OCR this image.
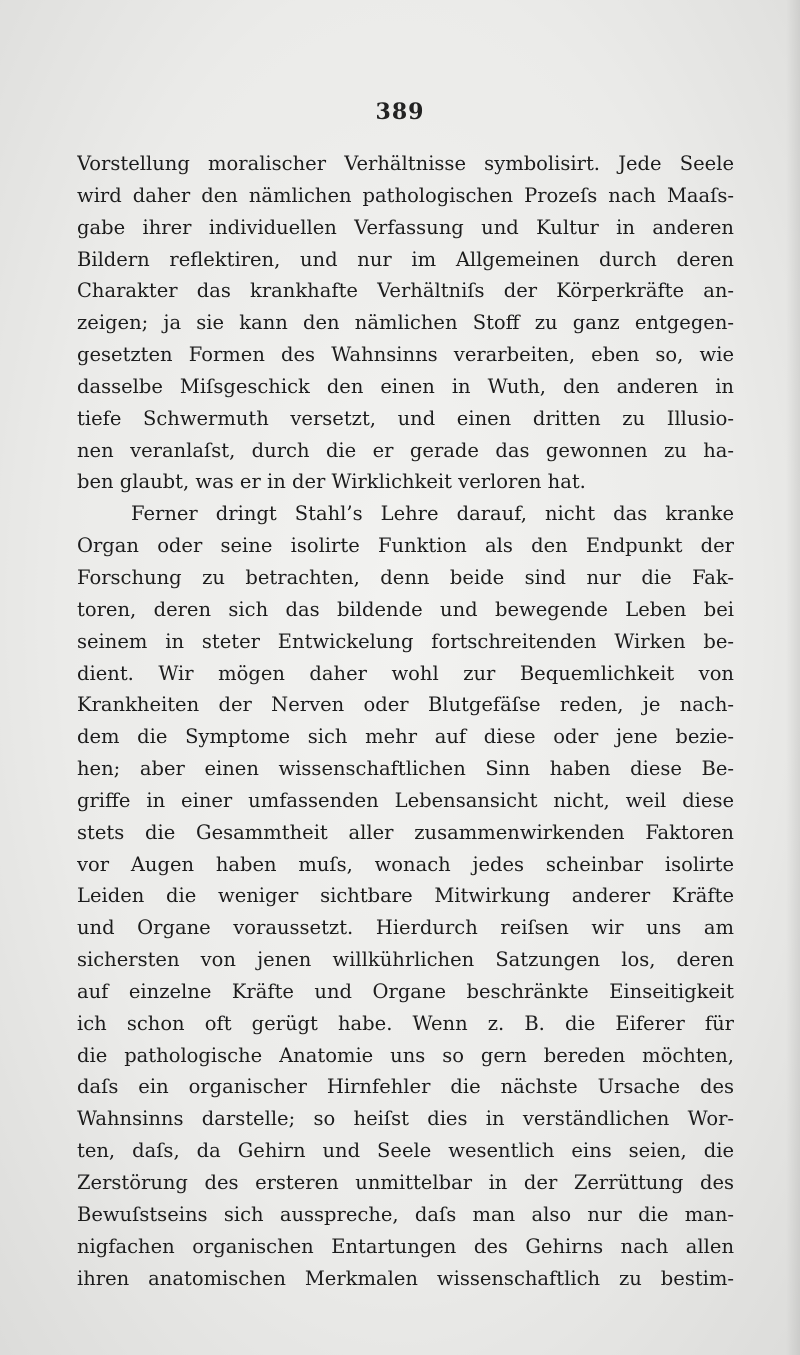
389
Vorstellung moralischer Verhältnisse symbolisirt. Jede Seele
wird daher den nämlichen pathologischen Prozeſs nach Maaſs-
gabe ihrer individuellen Verfassung und Kultur in anderen
Bildern reflektiren, und nur im Allgemeinen durch deren
Charakter das krankhafte Verhältniſs der Körperkräfte an-
zeigen; ja sie kann den nämlichen Stoff zu ganz entgegen-
gesetzten Formen des Wahnsinns verarbeiten, eben so, wie
dasselbe Miſsgeschick den einen in Wuth, den anderen in
tiefe Schwermuth versetzt, und einen dritten zu Illusio-
nen veranlaſst, durch die er gerade das gewonnen zu ha-
ben glaubt, was er in der Wirklichkeit verloren hat.
Ferner dringt Stahl’s Lehre darauf, nicht das kranke
Organ oder seine isolirte Funktion als den Endpunkt der
Forschung zu betrachten, denn beide sind nur die Fak-
toren, deren sich das bildende und bewegende Leben bei
seinem in steter Entwickelung fortschreitenden Wirken be-
dient. Wir mögen daher wohl zur Bequemlichkeit von
Krankheiten der Nerven oder Blutgefäſse reden, je nach-
dem die Symptome sich mehr auf diese oder jene bezie-
hen; aber einen wissenschaftlichen Sinn haben diese Be-
griffe in einer umfassenden Lebensansicht nicht, weil diese
stets die Gesammtheit aller zusammenwirkenden Faktoren
vor Augen haben muſs, wonach jedes scheinbar isolirte
Leiden die weniger sichtbare Mitwirkung anderer Kräfte
und Organe voraussetzt. Hierdurch reiſsen wir uns am
sichersten von jenen willkührlichen Satzungen los, deren
auf einzelne Kräfte und Organe beschränkte Einseitigkeit
ich schon oft gerügt habe. Wenn z. B. die Eiferer für
die pathologische Anatomie uns so gern bereden möchten,
daſs ein organischer Hirnfehler die nächste Ursache des
Wahnsinns darstelle; so heiſst dies in verständlichen Wor-
ten, daſs, da Gehirn und Seele wesentlich eins seien, die
Zerstörung des ersteren unmittelbar in der Zerrüttung des
Bewuſstseins sich ausspreche, daſs man also nur die man-
nigfachen organischen Entartungen des Gehirns nach allen
ihren anatomischen Merkmalen wissenschaftlich zu bestim-
